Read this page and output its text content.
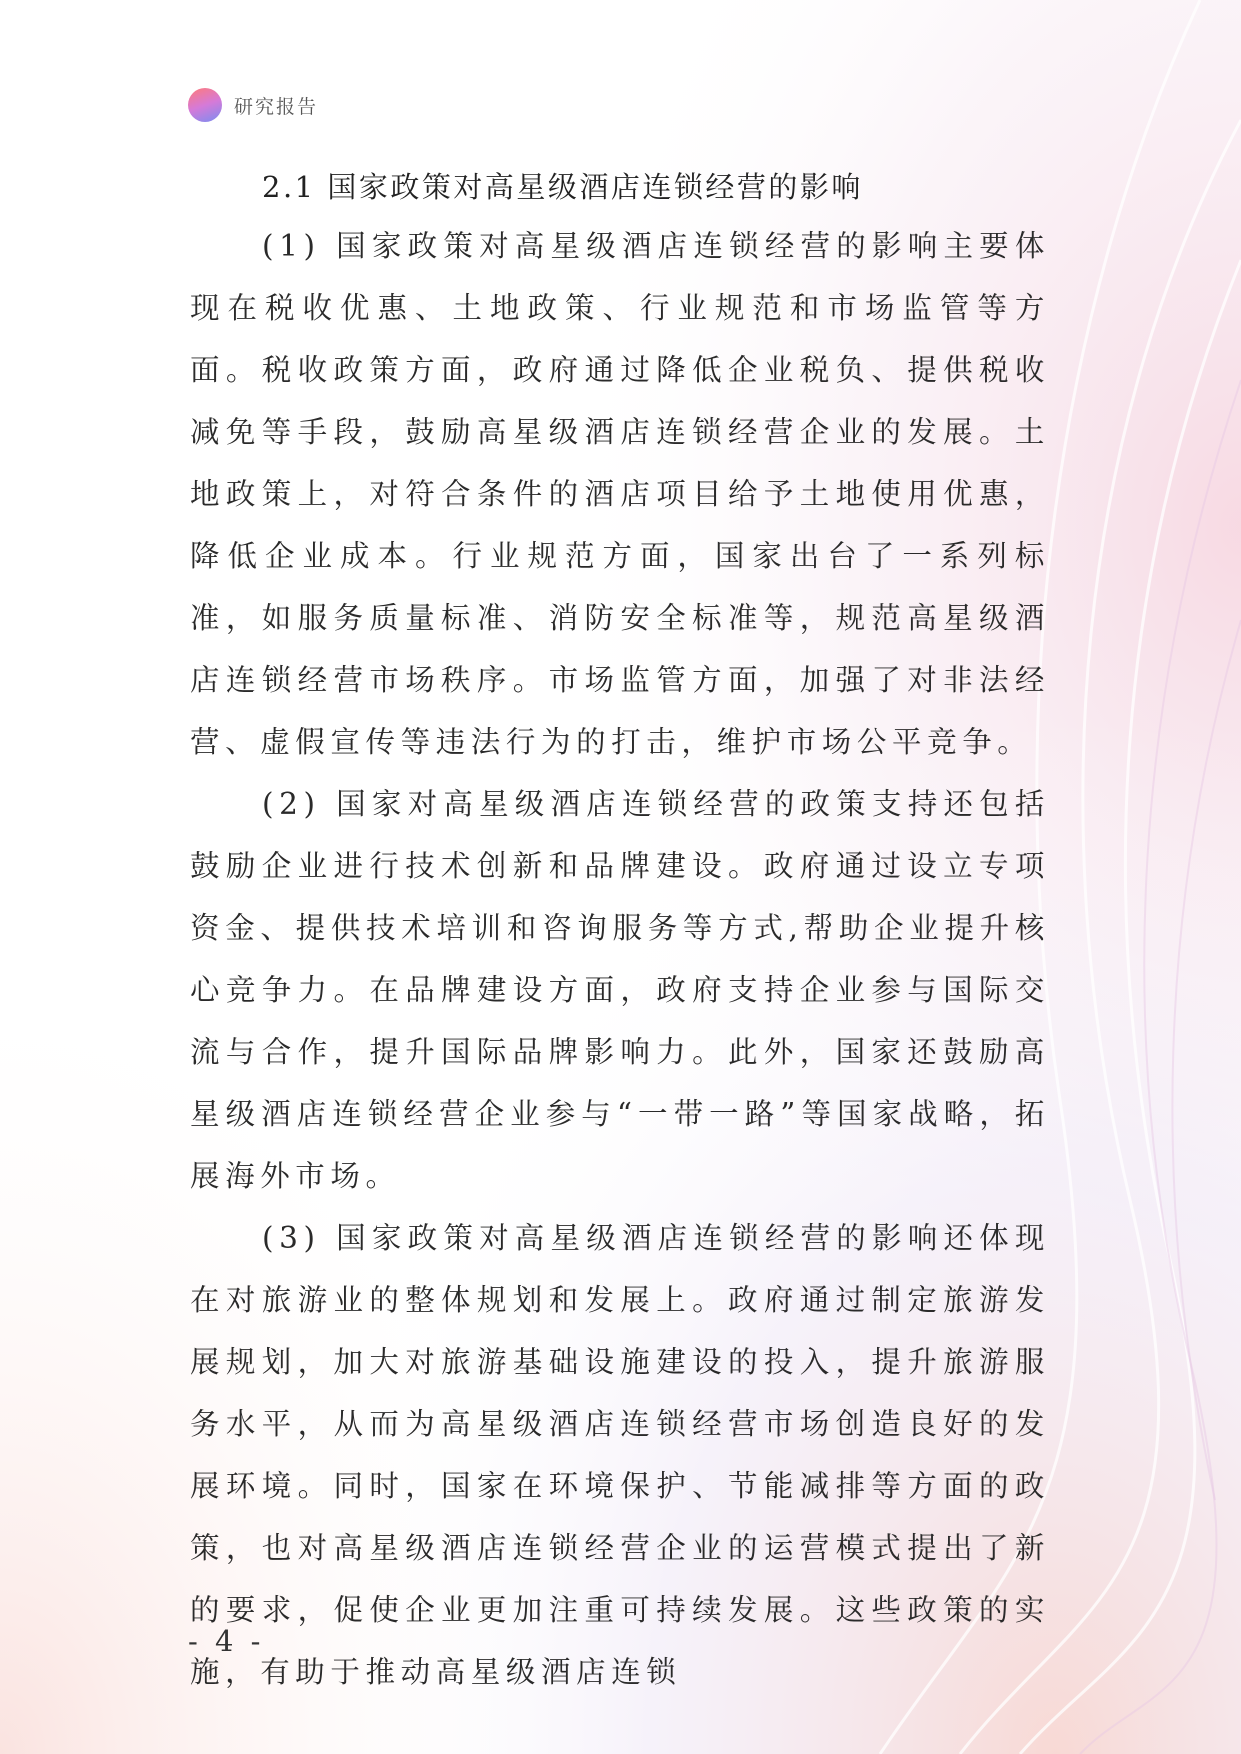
研究报告
2.1 国家政策对高星级酒店连锁经营的影响

(1) 国家政策对高星级酒店连锁经营的影响主要体现在税收优惠、土地政策、行业规范和市场监管等方面。税收政策方面，政府通过降低企业税负、提供税收减免等手段，鼓励高星级酒店连锁经营企业的发展。土地政策上，对符合条件的酒店项目给予土地使用优惠，降低企业成本。行业规范方面，国家出台了一系列标准，如服务质量标准、消防安全标准等，规范高星级酒店连锁经营市场秩序。市场监管方面，加强了对非法经营、虚假宣传等违法行为的打击，维护市场公平竞争。

(2) 国家对高星级酒店连锁经营的政策支持还包括鼓励企业进行技术创新和品牌建设。政府通过设立专项资金、提供技术培训和咨询服务等方式,帮助企业提升核心竞争力。在品牌建设方面，政府支持企业参与国际交流与合作，提升国际品牌影响力。此外，国家还鼓励高星级酒店连锁经营企业参与“一带一路”等国家战略，拓展海外市场。

(3) 国家政策对高星级酒店连锁经营的影响还体现在对旅游业的整体规划和发展上。政府通过制定旅游发展规划，加大对旅游基础设施建设的投入，提升旅游服务水平，从而为高星级酒店连锁经营市场创造良好的发展环境。同时，国家在环境保护、节能减排等方面的政策，也对高星级酒店连锁经营企业的运营模式提出了新的要求，促使企业更加注重可持续发展。这些政策的实施，有助于推动高星级酒店连锁

- 4 -
